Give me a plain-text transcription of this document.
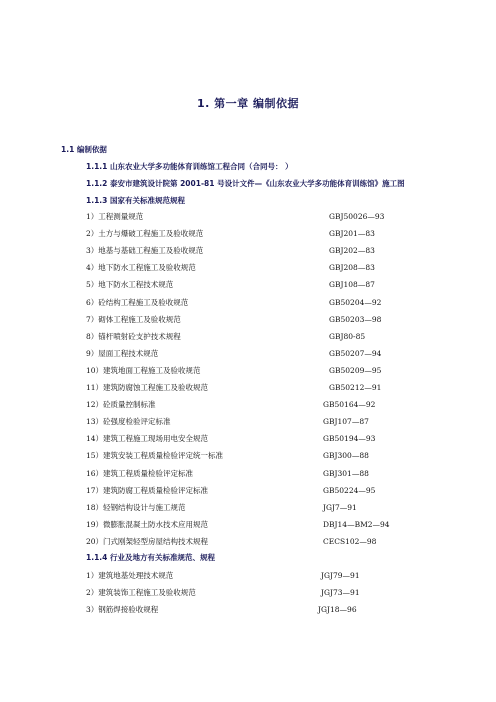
1. 第一章 编制依据
1.1 编制依据
1.1.1 山东农业大学多功能体育训练馆工程合同（合同号： ）
1.1.2 泰安市建筑设计院第 2001-81 号设计文件—《山东农业大学多功能体育训练馆》施工图
1.1.3 国家有关标准规范规程
1）工程测量规范	GBJ50026—93
2）土方与爆破工程施工及验收规范	GBJ201—83
3）地基与基础工程施工及验收规范	GBJ202—83
4）地下防水工程施工及验收规范	GBJ208—83
5）地下防水工程技术规范	GBJ108—87
6）砼结构工程施工及验收规范	GB50204—92
7）砌体工程施工及验收规范	GB50203—98
8）锚杆喷射砼支护技术规程	GBJ80-85
9）屋面工程技术规范	GB50207—94
10）建筑地面工程施工及验收规范	GB50209—95
11）建筑防腐蚀工程施工及验收规范	GB50212—91
12）砼质量控制标准	GB50164—92
13）砼强度检验评定标准	GBJ107—87
14）建筑工程施工现场用电安全规范	GB50194—93
15）建筑安装工程质量检验评定统一标准	GBJ300—88
16）建筑工程质量检验评定标准	GBJ301—88
17）建筑防腐工程质量检验评定标准	GB50224—95
18）轻钢结构设计与施工规范	JGJ7—91
19）微膨胀混凝土防水技术应用规范	DBJ14—BM2—94
20）门式刚架轻型房屋结构技术规程	CECS102—98
1.1.4 行业及地方有关标准规范、规程
1）建筑地基处理技术规范	JGJ79—91
2）建筑装饰工程施工及验收规范	JGJ73—91
3）钢筋焊接验收规程	JGJ18—96
